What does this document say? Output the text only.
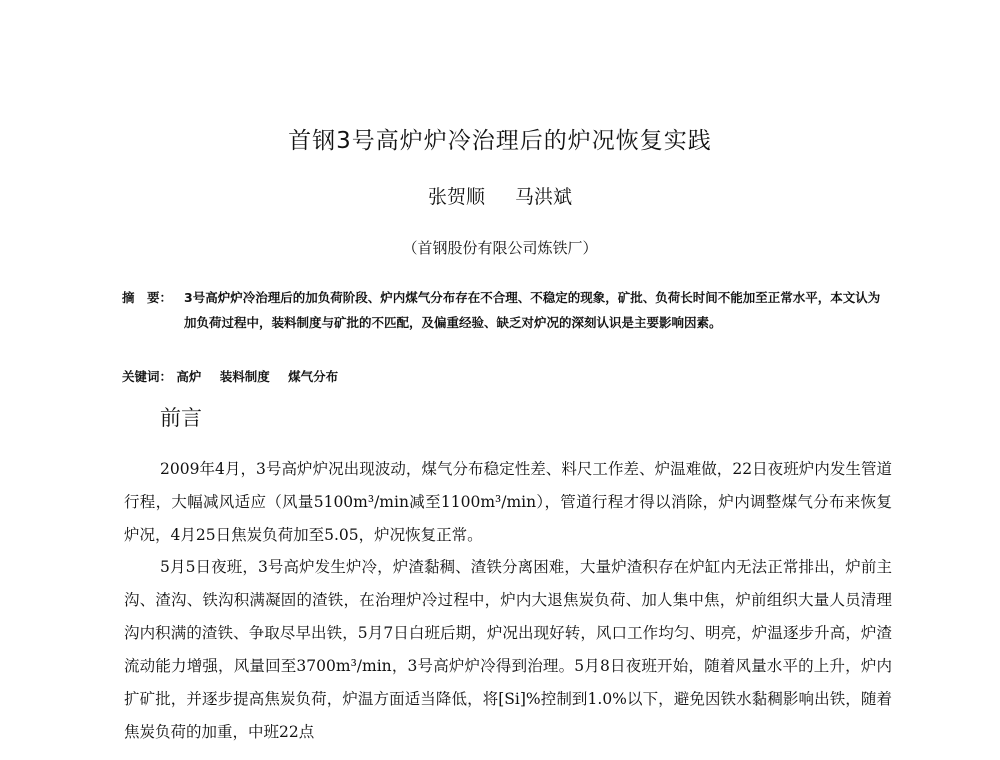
首钢3号高炉炉冷治理后的炉况恢复实践
张贺顺 马洪斌
（首钢股份有限公司炼铁厂）
摘　要： 3号高炉炉冷治理后的加负荷阶段、炉内煤气分布存在不合理、不稳定的现象，矿批、负荷长时间不能加至正常水平，本文认为加负荷过程中，装料制度与矿批的不匹配，及偏重经验、缺乏对炉况的深刻认识是主要影响因素。
关键词： 高炉 装料制度 煤气分布
前言

2009年4月，3号高炉炉况出现波动，煤气分布稳定性差、料尺工作差、炉温难做，22日夜班炉内发生管道行程，大幅减风适应（风量5100m³/min减至1100m³/min），管道行程才得以消除，炉内调整煤气分布来恢复炉况，4月25日焦炭负荷加至5.05，炉况恢复正常。

5月5日夜班，3号高炉发生炉冷，炉渣黏稠、渣铁分离困难，大量炉渣积存在炉缸内无法正常排出，炉前主沟、渣沟、铁沟积满凝固的渣铁，在治理炉冷过程中，炉内大退焦炭负荷、加人集中焦，炉前组织大量人员清理沟内积满的渣铁、争取尽早出铁，5月7日白班后期，炉况出现好转，风口工作均匀、明亮，炉温逐步升高，炉渣流动能力增强，风量回至3700m³/min，3号高炉炉冷得到治理。5月8日夜班开始，随着风量水平的上升，炉内扩矿批，并逐步提高焦炭负荷，炉温方面适当降低，将[Si]%控制到1.0%以下，避免因铁水黏稠影响出铁，随着焦炭负荷的加重，中班22点
